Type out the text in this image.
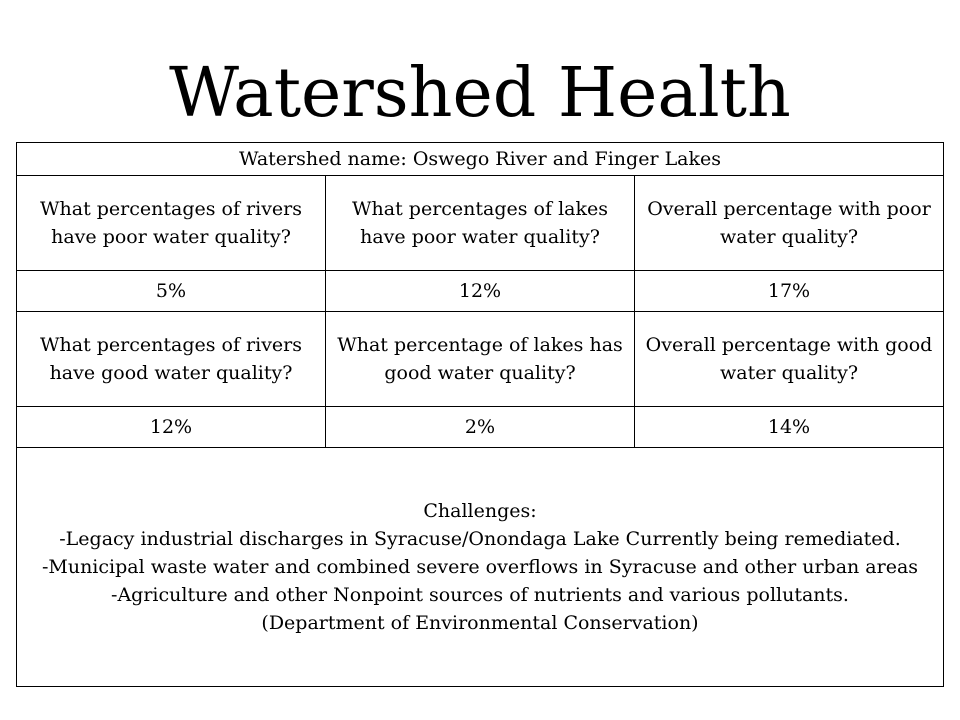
Watershed Health
Watershed name: Oswego River and Finger Lakes		
What percentages of rivers have poor water quality?	What percentages of lakes have poor water quality?	Overall percentage with poor water quality?
5%	12%	17%
What percentages of rivers have good water quality?	What percentage of lakes has good water quality?	Overall percentage with good water quality?
12%	2%	14%

Challenges:
-Legacy industrial discharges in Syracuse/Onondaga Lake Currently being remediated.
-Municipal waste water and combined severe overflows in Syracuse and other urban areas
-Agriculture and other Nonpoint sources of nutrients and various pollutants.
(Department of Environmental Conservation)		
